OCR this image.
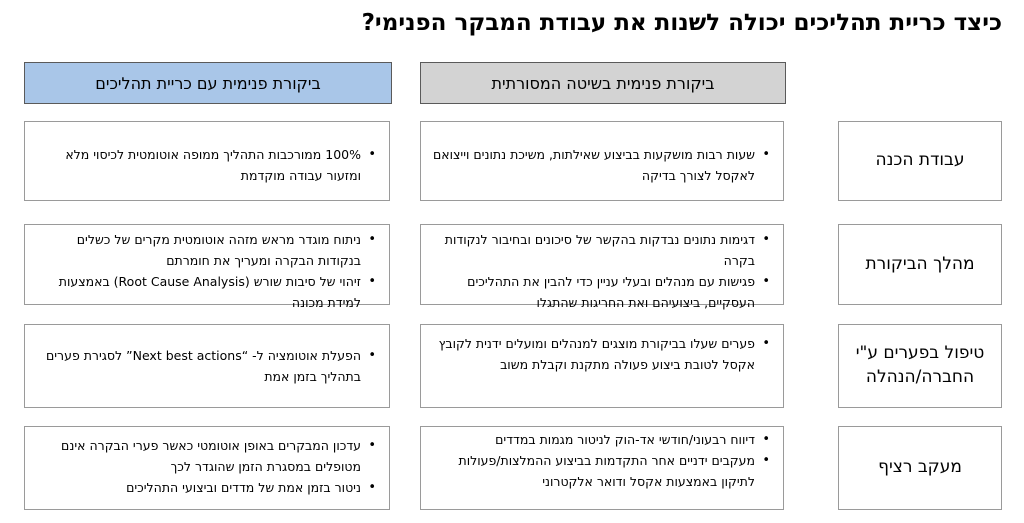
כיצד כריית תהליכים יכולה לשנות את עבודת המבקר הפנימי?
ביקורת פנימית בשיטה המסורתית
ביקורת פנימית עם כריית תהליכים
עבודת הכנה
• שעות רבות מושקעות בביצוע שאילתות, משיכת נתונים וייצואם לאקסל לצורך בדיקה
• 100% ממורכבות התהליך ממופה אוטומטית לכיסוי מלא ומזעור עבודה מוקדמת
מהלך הביקורת
• דגימות נתונים נבדקות בהקשר של סיכונים ובחיבור לנקודות בקרה
• פגישות עם מנהלים ובעלי עניין כדי להבין את התהליכים העסקיים, ביצועיהם ואת החריגות שהתגלו
• ניתוח מוגדר מראש מזהה אוטומטית מקרים של כשלים בנקודות הבקרה ומעריך את חומרתם
• זיהוי של סיבות שורש (Root Cause Analysis) באמצעות למידת מכונה
טיפול בפערים ע"י החברה/הנהלה
• פערים שעלו בביקורת מוצגים למנהלים ומועלים ידנית לקובץ אקסל לטובת ביצוע פעולה מתקנת וקבלת משוב
• הפעלת אוטומציה ל- “Next best actions” לסגירת פערים בתהליך בזמן אמת
מעקב רציף
• דיווח רבעוני/חודשי אד-הוק לניטור מגמות במדדים
• מעקבים ידניים אחר התקדמות בביצוע ההמלצות/פעולות לתיקון באמצעות אקסל ודואר אלקטרוני
• עדכון המבקרים באופן אוטומטי כאשר פערי הבקרה אינם מטופלים במסגרת הזמן שהוגדר לכך
• ניטור בזמן אמת של מדדים וביצועי התהליכים
